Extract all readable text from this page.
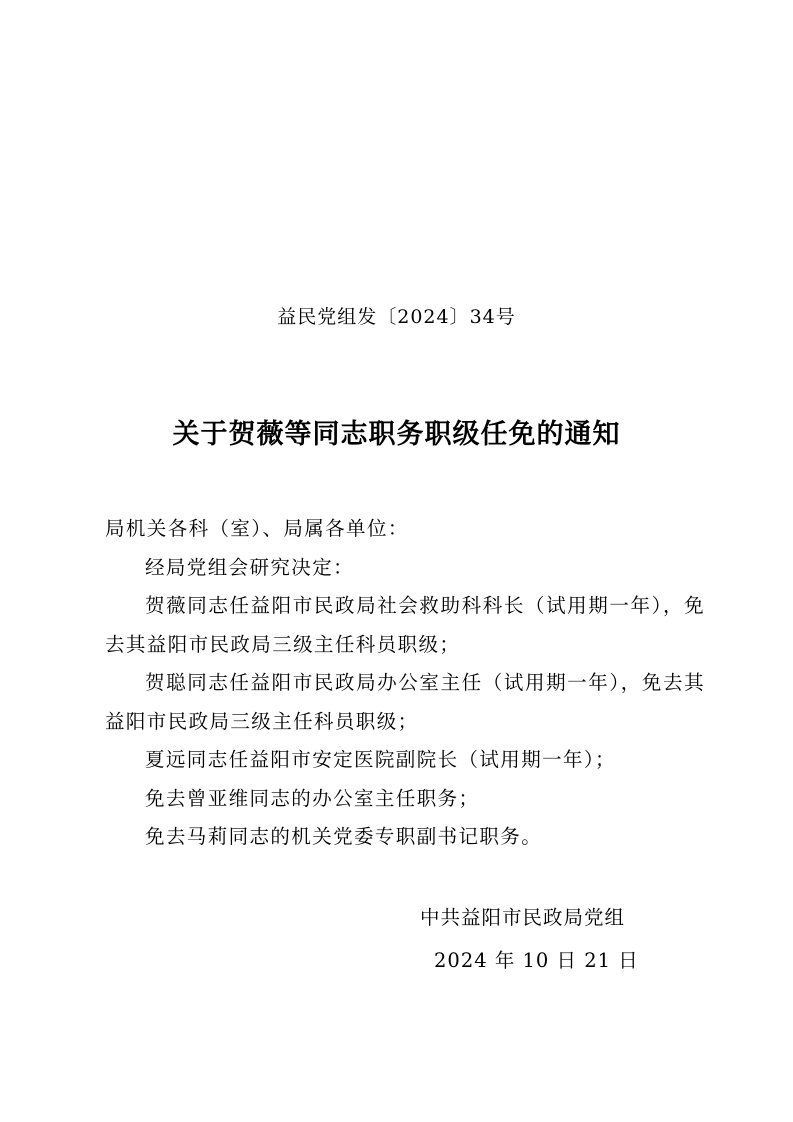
益民党组发〔2024〕34号
关于贺薇等同志职务职级任免的通知

局机关各科（室）、局属各单位：

经局党组会研究决定：

贺薇同志任益阳市民政局社会救助科科长（试用期一年），免去其益阳市民政局三级主任科员职级；

贺聪同志任益阳市民政局办公室主任（试用期一年），免去其益阳市民政局三级主任科员职级；

夏远同志任益阳市安定医院副院长（试用期一年）；

免去曾亚维同志的办公室主任职务；

免去马莉同志的机关党委专职副书记职务。

中共益阳市民政局党组
2024 年 10 日 21 日
